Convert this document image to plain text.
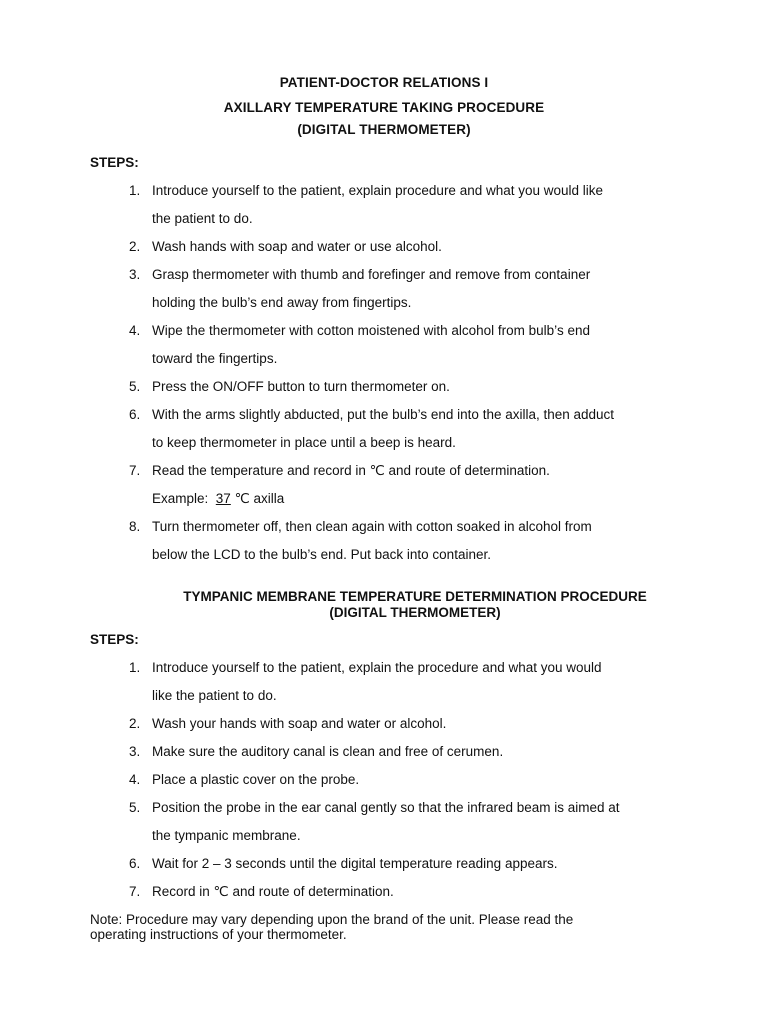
PATIENT-DOCTOR RELATIONS I
AXILLARY TEMPERATURE TAKING PROCEDURE
(DIGITAL THERMOMETER)
STEPS:
1. Introduce yourself to the patient, explain procedure and what you would like
the patient to do.
2. Wash hands with soap and water or use alcohol.
3. Grasp thermometer with thumb and forefinger and remove from container
holding the bulb’s end away from fingertips.
4. Wipe the thermometer with cotton moistened with alcohol from bulb’s end
toward the fingertips.
5. Press the ON/OFF button to turn thermometer on.
6. With the arms slightly abducted, put the bulb’s end into the axilla, then adduct
to keep thermometer in place until a beep is heard.
7. Read the temperature and record in ℃ and route of determination.
Example: 37 ℃ axilla
8. Turn thermometer off, then clean again with cotton soaked in alcohol from
below the LCD to the bulb’s end. Put back into container.
TYMPANIC MEMBRANE TEMPERATURE DETERMINATION PROCEDURE
(DIGITAL THERMOMETER)
STEPS:
1. Introduce yourself to the patient, explain the procedure and what you would
like the patient to do.
2. Wash your hands with soap and water or alcohol.
3. Make sure the auditory canal is clean and free of cerumen.
4. Place a plastic cover on the probe.
5. Position the probe in the ear canal gently so that the infrared beam is aimed at
the tympanic membrane.
6. Wait for 2 – 3 seconds until the digital temperature reading appears.
7. Record in ℃ and route of determination.
Note: Procedure may vary depending upon the brand of the unit. Please read the
operating instructions of your thermometer.
